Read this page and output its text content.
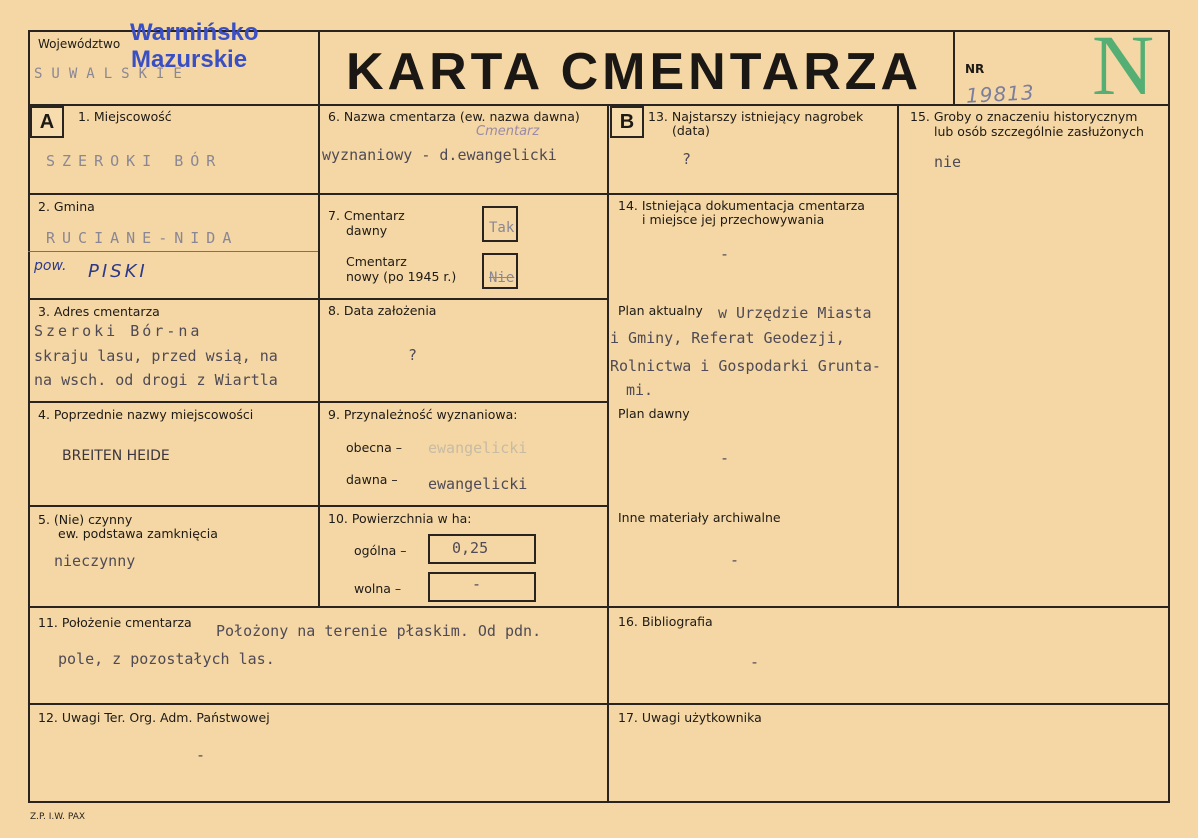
Województwo
SUWALSKIE
Warmińsko
Mazurskie KARTA CMENTARZA	NR
19813 N
A	1. Miejscowość
SZEROKI BÓR
2. Gmina
RUCIANE-NIDA
pow. PISKI
3. Adres cmentarza
Szeroki Bór-na
skraju lasu, przed wsią, na
na wsch. od drogi z Wiartla
4. Poprzednie nazwy miejscowości
BREITEN HEIDE
5. (Nie) czynny
ew. podstawa zamknięcia
nieczynny
6. Nazwa cmentarza (ew. nazwa dawna)
Cmentarz
wyznaniowy - d.ewangelicki
7. Cmentarz
dawny	Tak
Cmentarz
nowy (po 1945 r.) Nie
8. Data założenia
?
9. Przynależność wyznaniowa:
obecna – ewangelicki
dawna – ewangelicki
10. Powierzchnia w ha:
ogólna –	0,25
wolna –	-
B	13. Najstarszy istniejący nagrobek
(data)
?
14. Istniejąca dokumentacja cmentarza
i miejsce jej przechowywania
-
Plan aktualny w Urzędzie Miasta
i Gminy, Referat Geodezji,
Rolnictwa i Gospodarki Grunta-
mi.
Plan dawny
-
Inne materiały archiwalne
-
15. Groby o znaczeniu historycznym
lub osób szczególnie zasłużonych
nie
11. Położenie cmentarza Położony na terenie płaskim. Od pdn.
pole, z pozostałych las.
16. Bibliografia
-
12. Uwagi Ter. Org. Adm. Państwowej
-
17. Uwagi użytkownika
Z.P. I.W. PAX
